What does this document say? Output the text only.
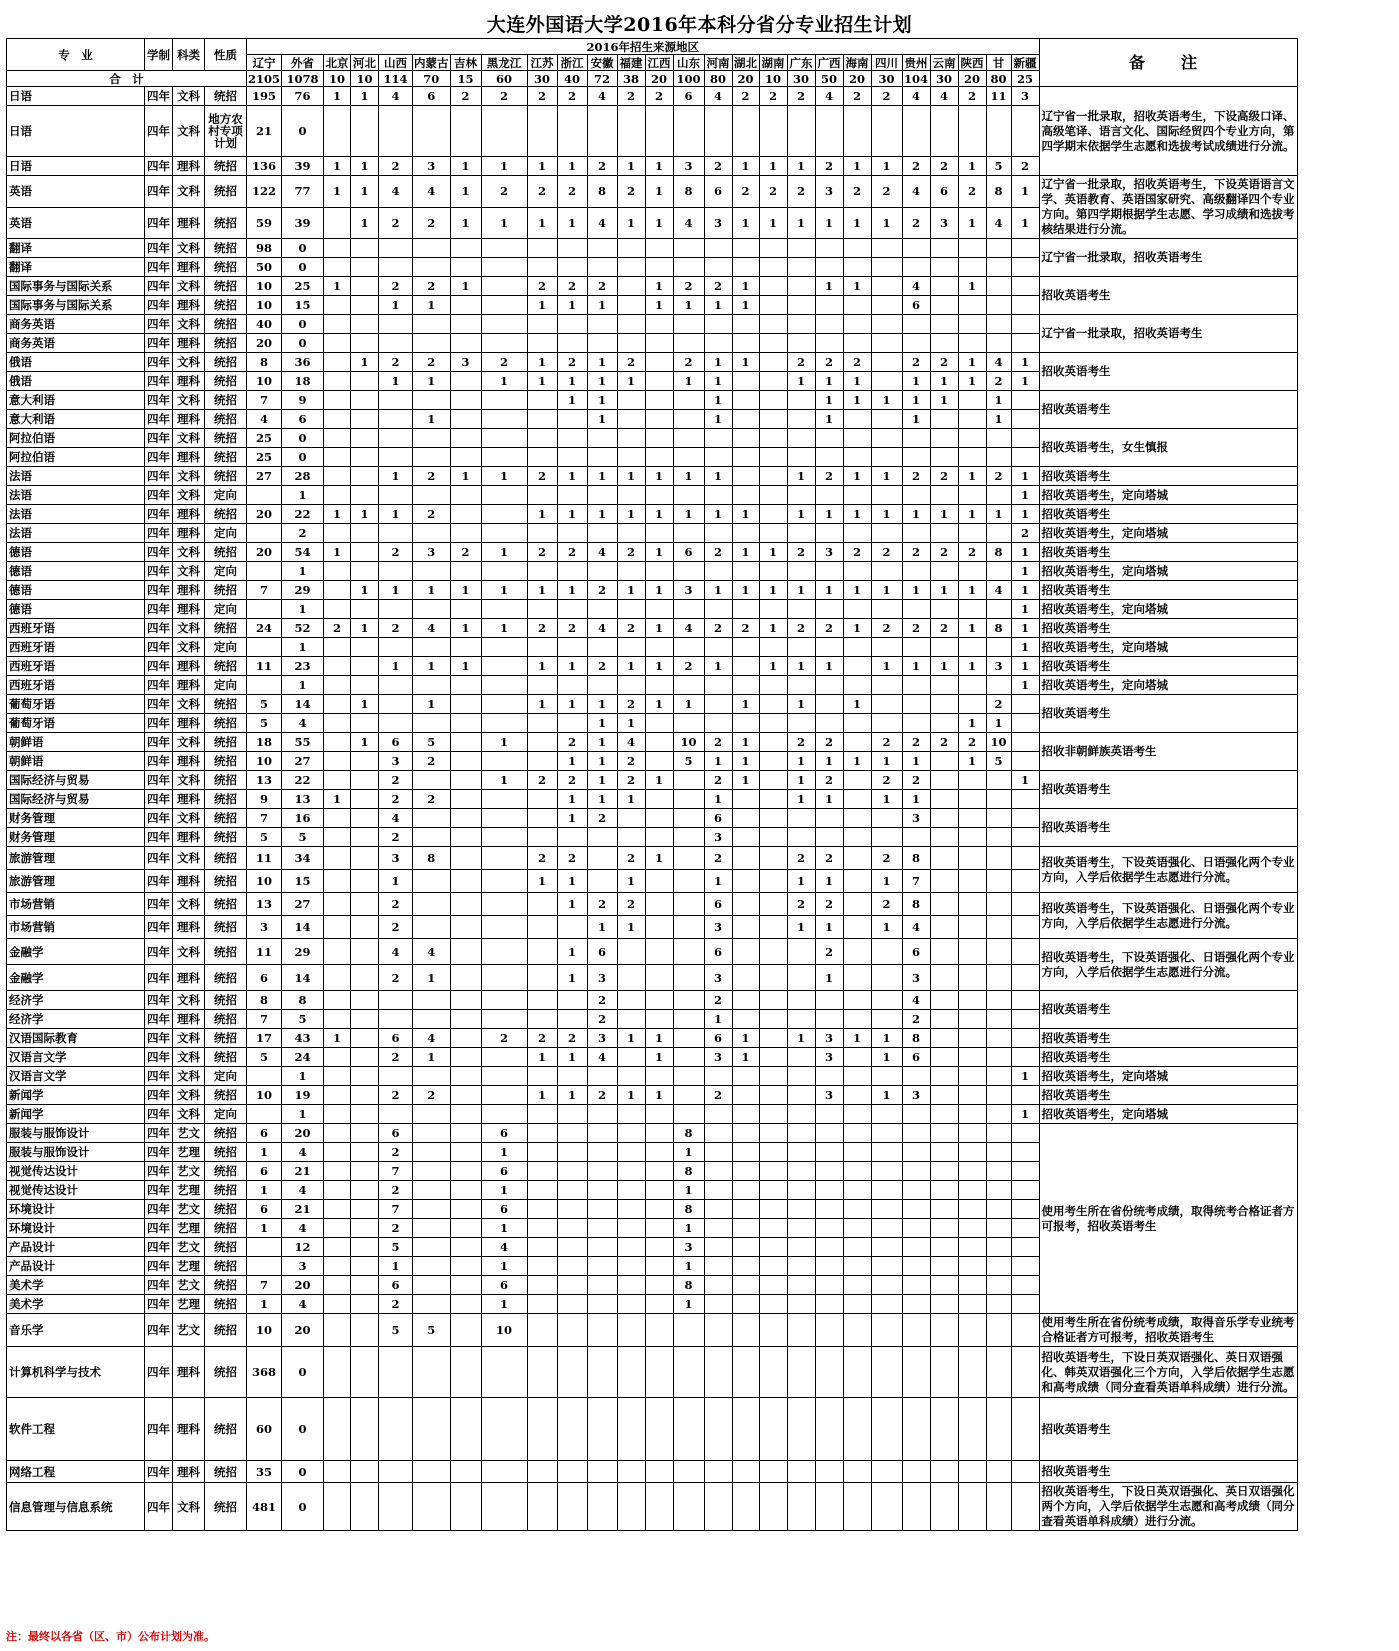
大连外国语大学2016年本科分省分专业招生计划
专　业	学制	科类	性质	2016年招生来源地区																										备　注
				辽宁	外省	北京	河北	山西	内蒙古	吉林	黑龙江	江苏	浙江	安徽	福建	江西	山东	河南	湖北	湖南	广东	广西	海南	四川	贵州	云南	陕西	甘	新疆	
合　计				2105	1078	10	10	114	70	15	60	30	40	72	38	20	100	80	20	10	30	50	20	30	104	30	20	80	25	
日语	四年	文科	统招	195	76	1	1	4	6	2	2	2	2	4	2	2	6	4	2	2	2	4	2	2	4	4	2	11	3	辽宁省一批录取，招收英语考生，下设高级口译、高级笔译、语言文化、国际经贸四个专业方向，第四学期末依据学生志愿和选拔考试成绩进行分流。
日语	四年	文科	地方农村专项计划	21	0																									
日语	四年	理科	统招	136	39	1	1	2	3	1	1	1	1	2	1	1	3	2	1	1	1	2	1	1	2	2	1	5	2	
英语	四年	文科	统招	122	77	1	1	4	4	1	2	2	2	8	2	1	8	6	2	2	2	3	2	2	4	6	2	8	1	辽宁省一批录取，招收英语考生，下设英语语言文学、英语教育、英语国家研究、高级翻译四个专业方向。第四学期根据学生志愿、学习成绩和选拔考核结果进行分流。
英语	四年	理科	统招	59	39		1	2	2	1	1	1	1	4	1	1	4	3	1	1	1	1	1	1	2	3	1	4	1	
翻译	四年	文科	统招	98	0																									辽宁省一批录取，招收英语考生
翻译	四年	理科	统招	50	0																									
国际事务与国际关系	四年	文科	统招	10	25	1		2	2	1		2	2	2		1	2	2	1			1	1		4		1			招收英语考生
国际事务与国际关系	四年	理科	统招	10	15			1	1			1	1	1		1	1	1	1						6					
商务英语	四年	文科	统招	40	0																									辽宁省一批录取，招收英语考生
商务英语	四年	理科	统招	20	0																									
俄语	四年	文科	统招	8	36		1	2	2	3	2	1	2	1	2		2	1	1		2	2	2		2	2	1	4	1	招收英语考生
俄语	四年	理科	统招	10	18			1	1		1	1	1	1	1		1	1			1	1	1		1	1	1	2	1	
意大利语	四年	文科	统招	7	9								1	1				1				1	1	1	1	1		1		招收英语考生
意大利语	四年	理科	统招	4	6				1					1				1				1			1			1		
阿拉伯语	四年	文科	统招	25	0																									招收英语考生，女生慎报
阿拉伯语	四年	理科	统招	25	0																									
法语	四年	文科	统招	27	28			1	2	1	1	2	1	1	1	1	1	1			1	2	1	1	2	2	1	2	1	招收英语考生
法语	四年	文科	定向		1																								1	招收英语考生，定向塔城
法语	四年	理科	统招	20	22	1	1	1	2			1	1	1	1	1	1	1	1		1	1	1	1	1	1	1	1	1	招收英语考生
法语	四年	理科	定向		2																								2	招收英语考生，定向塔城
德语	四年	文科	统招	20	54	1		2	3	2	1	2	2	4	2	1	6	2	1	1	2	3	2	2	2	2	2	8	1	招收英语考生
德语	四年	文科	定向		1																								1	招收英语考生，定向塔城
德语	四年	理科	统招	7	29		1	1	1	1	1	1	1	2	1	1	3	1	1	1	1	1	1	1	1	1	1	4	1	招收英语考生
德语	四年	理科	定向		1																								1	招收英语考生，定向塔城
西班牙语	四年	文科	统招	24	52	2	1	2	4	1	1	2	2	4	2	1	4	2	2	1	2	2	1	2	2	2	1	8	1	招收英语考生
西班牙语	四年	文科	定向		1																								1	招收英语考生，定向塔城
西班牙语	四年	理科	统招	11	23			1	1	1		1	1	2	1	1	2	1		1	1	1		1	1	1	1	3	1	招收英语考生
西班牙语	四年	理科	定向		1																								1	招收英语考生，定向塔城
葡萄牙语	四年	文科	统招	5	14		1		1			1	1	1	2	1	1		1		1		1					2		招收英语考生
葡萄牙语	四年	理科	统招	5	4									1	1												1	1		
朝鲜语	四年	文科	统招	18	55		1	6	5		1		2	1	4		10	2	1		2	2		2	2	2	2	10		招收非朝鲜族英语考生
朝鲜语	四年	理科	统招	10	27			3	2				1	1	2		5	1	1		1	1	1	1	1		1	5		
国际经济与贸易	四年	文科	统招	13	22			2			1	2	2	1	2	1		2	1		1	2		2	2				1	招收英语考生
国际经济与贸易	四年	理科	统招	9	13	1		2	2				1	1	1			1			1	1		1	1					
财务管理	四年	文科	统招	7	16			4					1	2				6							3					招收英语考生
财务管理	四年	理科	统招	5	5			2										3												
旅游管理	四年	文科	统招	11	34			3	8			2	2		2	1		2			2	2		2	8					招收英语考生，下设英语强化、日语强化两个专业方向，入学后依据学生志愿进行分流。
旅游管理	四年	理科	统招	10	15			1				1	1		1			1			1	1		1	7					
市场营销	四年	文科	统招	13	27			2					1	2	2			6			2	2		2	8					招收英语考生，下设英语强化、日语强化两个专业方向，入学后依据学生志愿进行分流。
市场营销	四年	理科	统招	3	14			2						1	1			3			1	1		1	4					
金融学	四年	文科	统招	11	29			4	4				1	6				6				2			6					招收英语考生，下设英语强化、日语强化两个专业方向，入学后依据学生志愿进行分流。
金融学	四年	理科	统招	6	14			2	1				1	3				3				1			3					
经济学	四年	文科	统招	8	8									2				2							4					招收英语考生
经济学	四年	理科	统招	7	5									2				1							2					
汉语国际教育	四年	文科	统招	17	43	1		6	4		2	2	2	3	1	1		6	1		1	3	1	1	8					招收英语考生
汉语言文学	四年	文科	统招	5	24			2	1			1	1	4		1		3	1			3		1	6					招收英语考生
汉语言文学	四年	文科	定向		1																								1	招收英语考生，定向塔城
新闻学	四年	文科	统招	10	19			2	2			1	1	2	1	1		2				3		1	3					招收英语考生
新闻学	四年	文科	定向		1																								1	招收英语考生，定向塔城
服装与服饰设计	四年	艺文	统招	6	20			6			6						8													使用考生所在省份统考成绩，取得统考合格证者方可报考，招收英语考生
服装与服饰设计	四年	艺理	统招	1	4			2			1						1													
视觉传达设计	四年	艺文	统招	6	21			7			6						8													
视觉传达设计	四年	艺理	统招	1	4			2			1						1													
环境设计	四年	艺文	统招	6	21			7			6						8													
环境设计	四年	艺理	统招	1	4			2			1						1													
产品设计	四年	艺文	统招		12			5			4						3													
产品设计	四年	艺理	统招		3			1			1						1													
美术学	四年	艺文	统招	7	20			6			6						8													
美术学	四年	艺理	统招	1	4			2			1						1													
音乐学	四年	艺文	统招	10	20			5	5		10																			使用考生所在省份统考成绩，取得音乐学专业统考合格证者方可报考，招收英语考生
计算机科学与技术	四年	理科	统招	368	0																									招收英语考生，下设日英双语强化、英日双语强化、韩英双语强化三个方向，入学后依据学生志愿和高考成绩（同分查看英语单科成绩）进行分流。
软件工程	四年	理科	统招	60	0																									招收英语考生
网络工程	四年	理科	统招	35	0																									招收英语考生
信息管理与信息系统	四年	文科	统招	481	0																									招收英语考生，下设日英双语强化、英日双语强化两个方向，入学后依据学生志愿和高考成绩（同分查看英语单科成绩）进行分流。
注：最终以各省（区、市）公布计划为准。
